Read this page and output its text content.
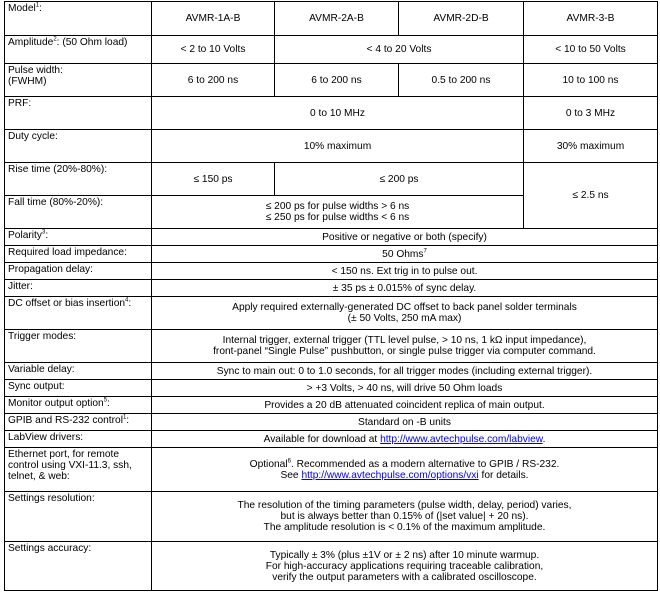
Model$^1$:	AVMR-1A-B	AVMR-2A-B	AVMR-2D-B	AVMR-3-B
Amplitude$^2$: (50 Ohm load)	< 2 to 10 Volts	< 4 to 20 Volts		< 10 to 50 Volts

Pulse width:
(FWHM)	6 to 200 ns	6 to 200 ns	0.5 to 200 ns	10 to 100 ns
PRF:	0 to 10 MHz			0 to 3 MHz
Duty cycle:	10% maximum			30% maximum
Rise time (20%-80%):	≤ 150 ps	≤ 200 ps		≤ 2.5 ns
Fall time (80%-20%):	≤ 200 ps for pulse widths > 6 ns
≤ 250 ps for pulse widths < 6 ns			

Polarity$^3$:	Positive or negative or both (specify)			
Required load impedance:	50 Ohms$^7$
Propagation delay:	< 150 ns. Ext trig in to pulse out.			
Jitter:	± 35 ps ± 0.015% of sync delay.			
DC offset or bias insertion$^4$:	Apply required externally-generated DC offset to back panel solder terminals
(± 50 Volts, 250 mA max)			

Trigger modes:	Internal trigger, external trigger (TTL level pulse, > 10 ns, 1 kΩ input impedance),
front-panel “Single Pulse” pushbutton, or single pulse trigger via computer command.			

Variable delay:	Sync to main out: 0 to 1.0 seconds, for all trigger modes (including external trigger).			
Sync output:	> +3 Volts, > 40 ns, will drive 50 Ohm loads			
Monitor output option$^5$:	Provides a 20 dB attenuated coincident replica of main output.			
GPIB and RS-232 control$^1$:	Standard on -B units			
LabView drivers:	Available for download at http://www.avtechpulse.com/labview.			

Ethernet port, for remote
control using VXI-11.3, ssh,
telnet, & web:	Optional$^6$. Recommended as a modern alternative to GPIB / RS-232.
See http://www.avtechpulse.com/options/vxi for details.			

Settings resolution:	The resolution of the timing parameters (pulse width, delay, period) varies,
but is always better than 0.15% of (|set value| + 20 ns).
The amplitude resolution is < 0.1% of the maximum amplitude.			

Settings accuracy:	Typically ± 3% (plus ±1V or ± 2 ns) after 10 minute warmup.
For high-accuracy applications requiring traceable calibration,
verify the output parameters with a calibrated oscilloscope.			
